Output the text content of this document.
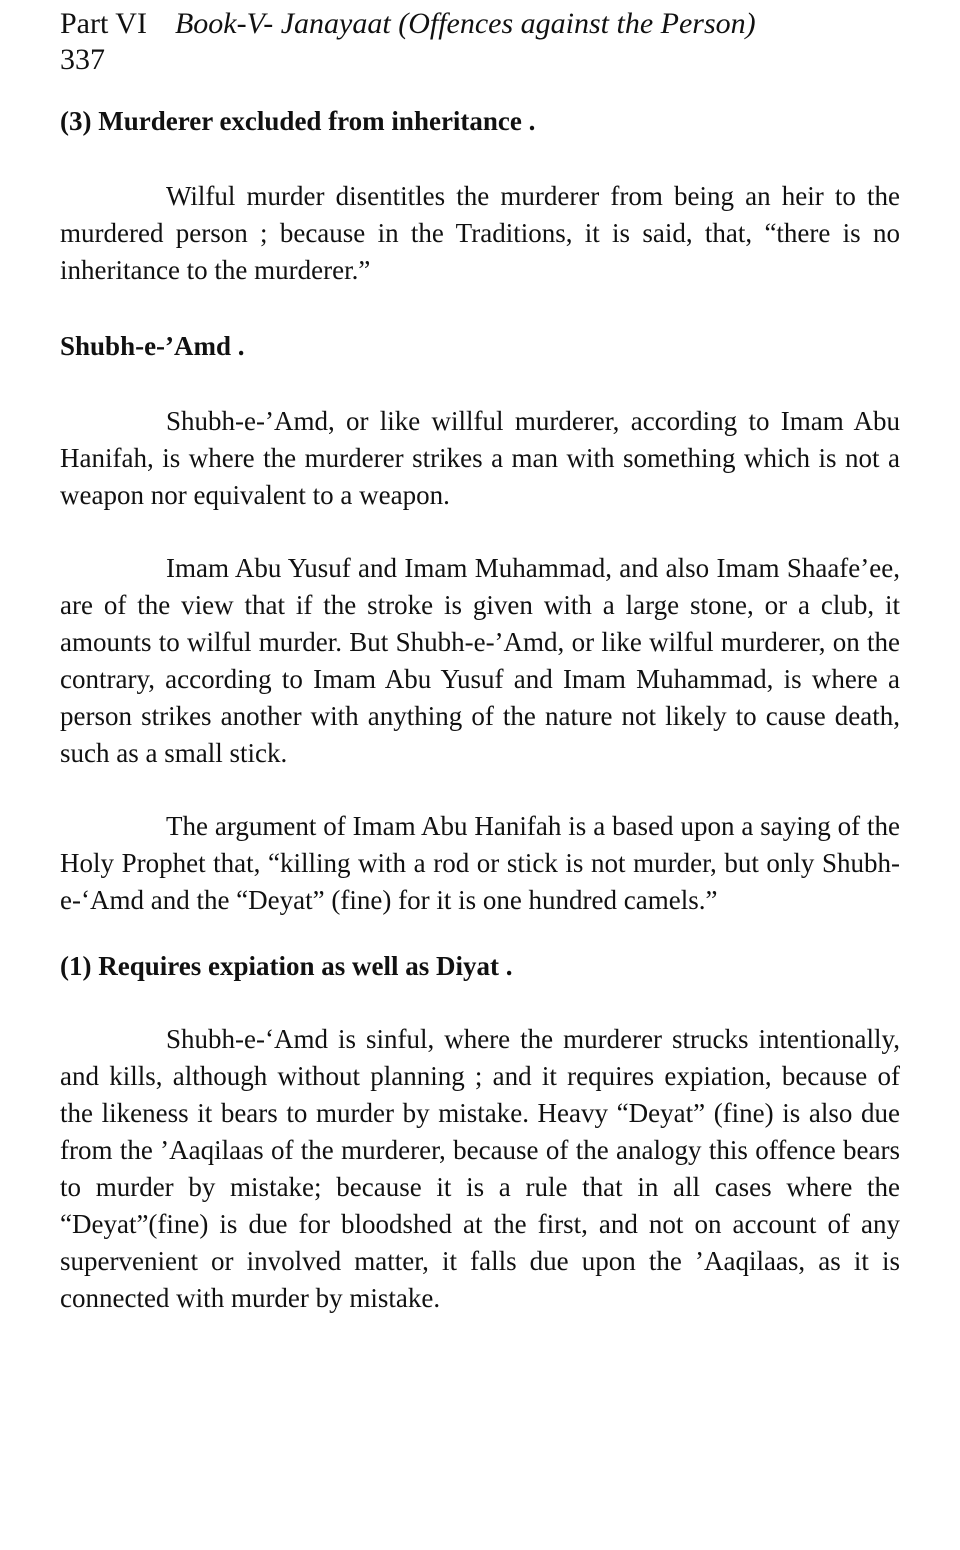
Part VI Book-V- Janayaat (Offences against the Person)
337

(3) Murderer excluded from inheritance .

Wilful murder disentitles the murderer from being an heir to the murdered person ; because in the Traditions, it is said, that, “there is no inheritance to the murderer.”

Shubh-e-’Amd .

Shubh-e-’Amd, or like willful murderer, according to Imam Abu Hanifah, is where the murderer strikes a man with something which is not a weapon nor equivalent to a weapon.

Imam Abu Yusuf and Imam Muhammad, and also Imam Shaafe’ee, are of the view that if the stroke is given with a large stone, or a club, it amounts to wilful murder. But Shubh-e-’Amd, or like wilful murderer, on the contrary, according to Imam Abu Yusuf and Imam Muhammad, is where a person strikes another with anything of the nature not likely to cause death, such as a small stick.

The argument of Imam Abu Hanifah is a based upon a saying of the Holy Prophet that, “killing with a rod or stick is not murder, but only Shubh-e-‘Amd and the “Deyat” (fine) for it is one hundred camels.”

(1) Requires expiation as well as Diyat .

Shubh-e-‘Amd is sinful, where the murderer strucks intentionally, and kills, although without planning ; and it requires expiation, because of the likeness it bears to murder by mistake. Heavy “Deyat” (fine) is also due from the ’Aaqilaas of the murderer, because of the analogy this offence bears to murder by mistake; because it is a rule that in all cases where the “Deyat”(fine) is due for bloodshed at the first, and not on account of any supervenient or involved matter, it falls due upon the ’Aaqilaas, as it is connected with murder by mistake.
